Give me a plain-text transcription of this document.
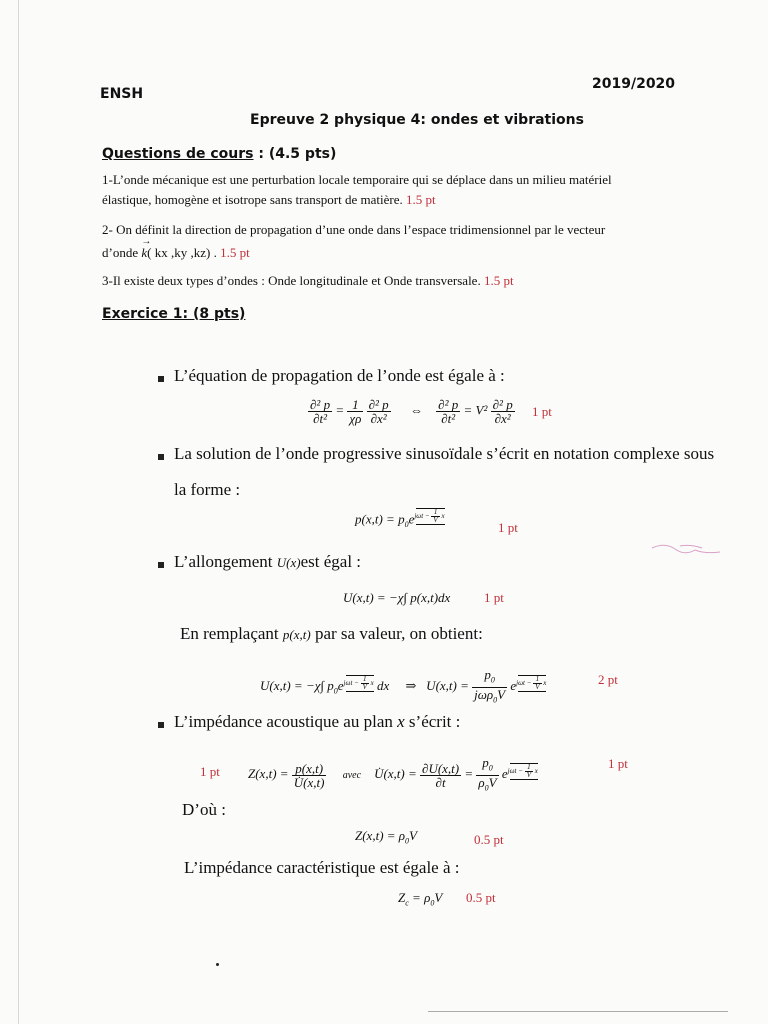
ENSH
2019/2020
Epreuve 2 physique 4: ondes et vibrations
Questions de cours : (4.5 pts)
1-L’onde mécanique est une perturbation locale temporaire qui se déplace dans un milieu matériel
élastique, homogène et isotrope sans transport de matière. 1.5 pt
2- On définit la direction de propagation d’une onde dans l’espace tridimensionnel par le vecteur
d’onde
→
k( kx ,ky ,kz) . 1.5 pt
3-Il existe deux types d’ondes : Onde longitudinale et Onde transversale. 1.5 pt
Exercice 1: (8 pts)
L’équation de propagation de l’onde est égale à :
$\frac{\text{∂² p}}{\text{∂t²}} = \frac{1}{\chi\rho}$
$\frac{\text{∂² p}}{\text{∂x²}}$ ⇔ $\frac{\text{∂² p}}{\text{∂t²}} = V^2 \frac{\text{∂² p}}{\text{∂x²}} 1$ pt
La solution de l’onde progressive sinusoïdale s’écrit en notation complexe sous
la forme :
$p(x,t) = p_0e^{j\omega t - \frac{1}{V} x}$
1 pt
L’allongement U(x)est égal :
U(x,t) = −χ∫ p(x,t)dx	1 pt
En remplaçant p(x,t) par sa valeur, on obtient:
U(x,t) = −χ∫ $p_0e^{j\omega t - \frac{1}{V} x}$ dx     ⇒   $U(x,t) = \frac{p_0}{j\omega\rho_0V} e^{j\omega t - \frac{1}{V} x}$	2 pt
L’impédance acoustique au plan x s’écrit :
1 pt $Z(x,t) = \frac{p(x,t)}{U̇(x,t)}$ avec    U̇(x,t) = $\frac{\partial U(x,t)}{\partial t} = \frac{p_0}{\rho_0V} e^{j\omega t - \frac{1}{V} x}$	1 pt
D’où :
$Z(x,t) = \rho_0V$	0.5 pt
L’impédance caractéristique est égale à :
$Z_c = \rho_0V$ 0.5 pt
